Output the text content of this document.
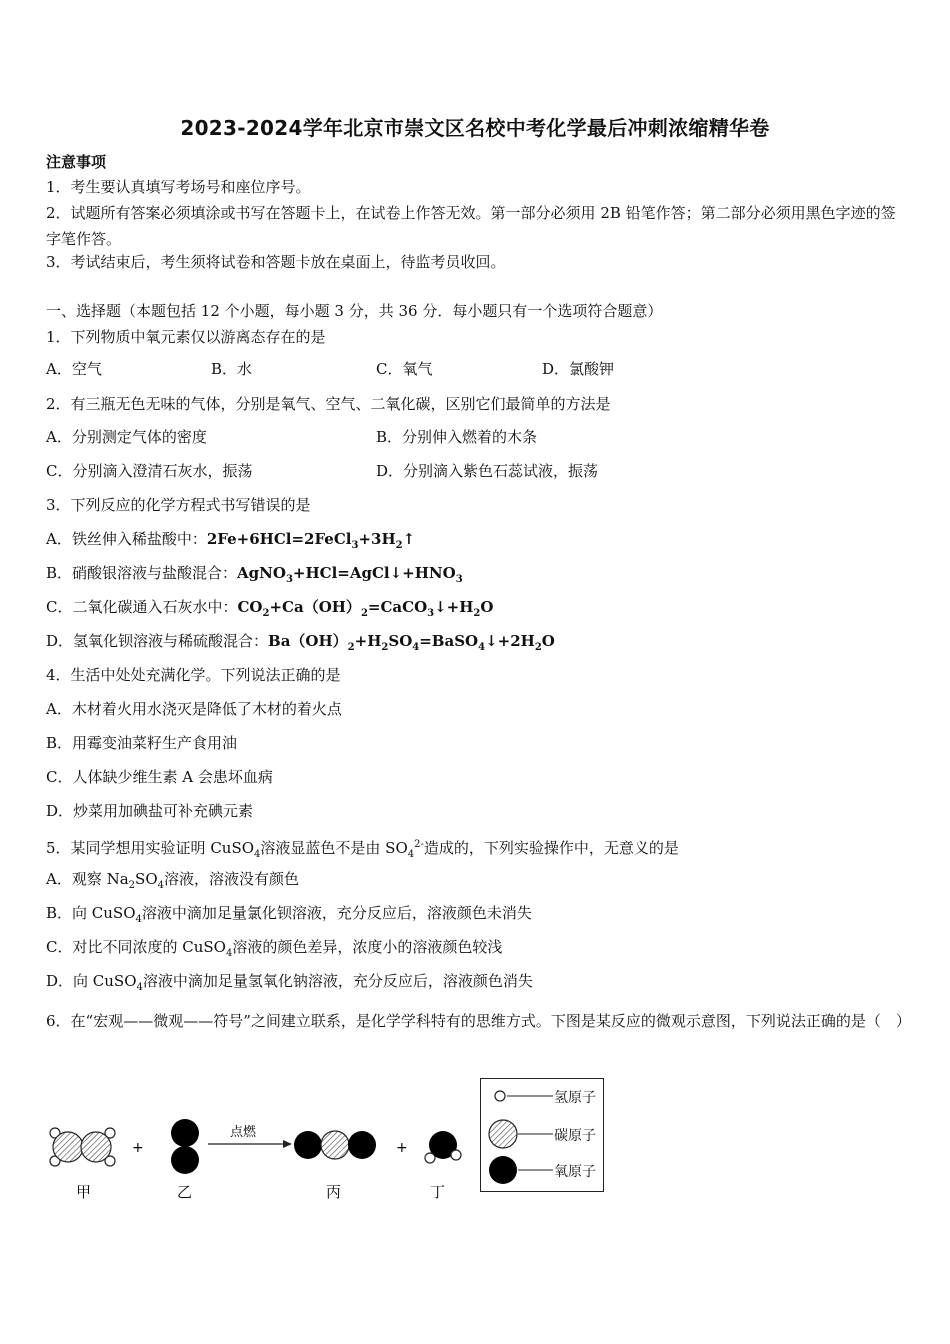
2023-2024学年北京市崇文区名校中考化学最后冲刺浓缩精华卷
注意事项
1．考生要认真填写考场号和座位序号。
2．试题所有答案必须填涂或书写在答题卡上，在试卷上作答无效。第一部分必须用 2B 铅笔作答；第二部分必须用黑色字迹的签字笔作答。
3．考试结束后，考生须将试卷和答题卡放在桌面上，待监考员收回。
一、选择题（本题包括 12 个小题，每小题 3 分，共 36 分．每小题只有一个选项符合题意）
1．下列物质中氧元素仅以游离态存在的是
A．空气	B．水	C．氧气	D．氯酸钾
2．有三瓶无色无味的气体，分别是氧气、空气、二氧化碳，区别它们最简单的方法是
A．分别测定气体的密度	B．分别伸入燃着的木条
C．分别滴入澄清石灰水，振荡	D．分别滴入紫色石蕊试液，振荡
3．下列反应的化学方程式书写错误的是
A．铁丝伸入稀盐酸中：$2Fe+6HCl=2FeCl_3+3H_2↑$
B．硝酸银溶液与盐酸混合：$AgNO_3+HCl=AgCl↓+HNO_3$
C．二氧化碳通入石灰水中：$CO_2+Ca(OH)_2=CaCO_3↓+H_2O$
D．氢氧化钡溶液与稀硫酸混合：$Ba(OH)_2+H_2SO_4=BaSO_4↓+2H_2O$
4．生活中处处充满化学。下列说法正确的是
A．木材着火用水浇灭是降低了木材的着火点
B．用霉变油菜籽生产食用油
C．人体缺少维生素 A 会患坏血病
D．炒菜用加碘盐可补充碘元素
5．某同学想用实验证明 CuSO$_4$溶液显蓝色不是由 $SO_4^{2-}$造成的，下列实验操作中，无意义的是
A．观察 $Na_2SO_4$溶液，溶液没有颜色
B．向 CuSO$_4$溶液中滴加足量氯化钡溶液，充分反应后，溶液颜色未消失
C．对比不同浓度的 CuSO$_4$溶液的颜色差异，浓度小的溶液颜色较浅
D．向 CuSO$_4$溶液中滴加足量氢氧化钠溶液，充分反应后，溶液颜色消失
6．在“宏观——微观——符号”之间建立联系，是化学学科特有的思维方式。下图是某反应的微观示意图，下列说法正确的是（　）
甲
+
乙
点燃
丙
+
丁
氢原子
碳原子
氧原子
